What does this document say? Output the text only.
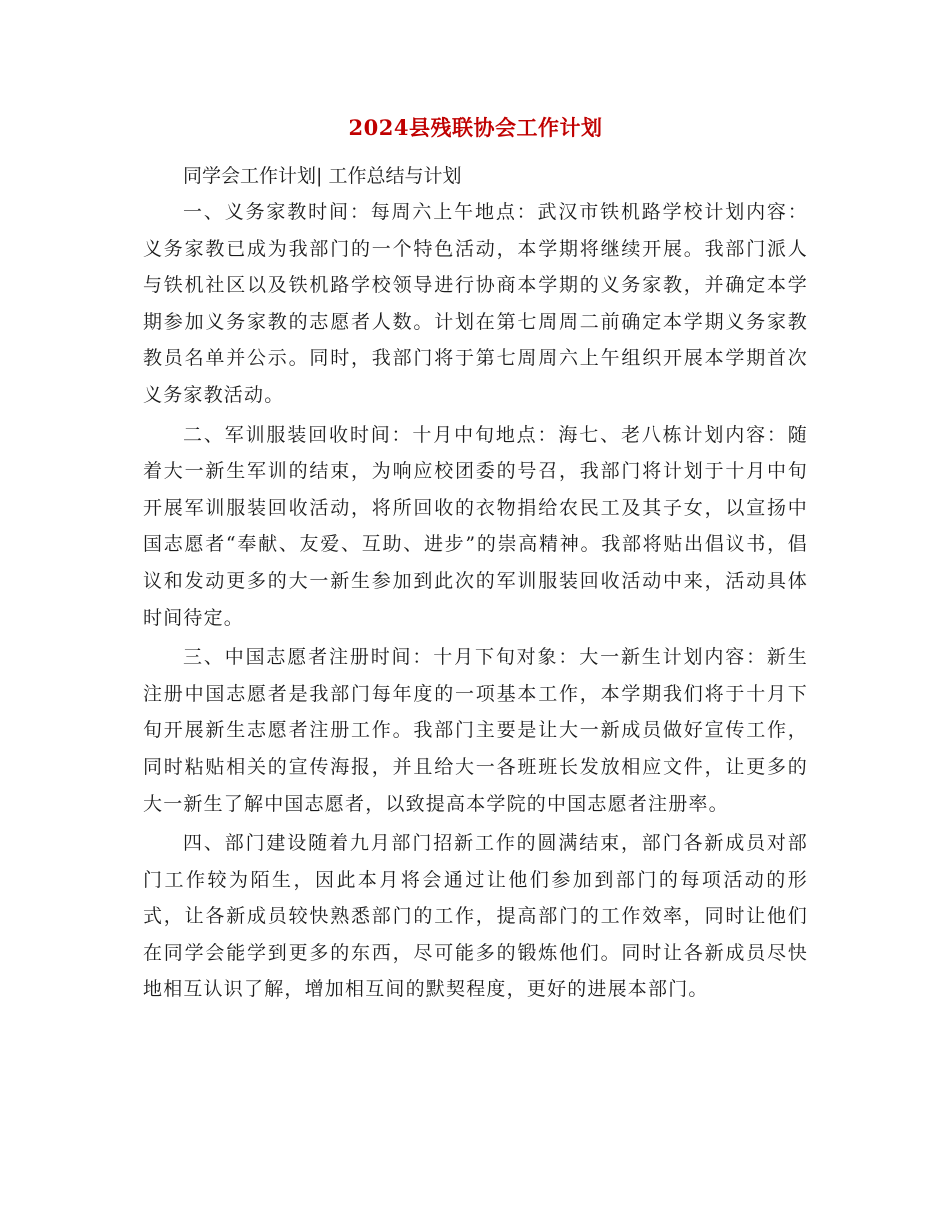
2024县残联协会工作计划

同学会工作计划| 工作总结与计划

一、义务家教时间：每周六上午地点：武汉市铁机路学校计划内容：义务家教已成为我部门的一个特色活动，本学期将继续开展。我部门派人与铁机社区以及铁机路学校领导进行协商本学期的义务家教，并确定本学期参加义务家教的志愿者人数。计划在第七周周二前确定本学期义务家教教员名单并公示。同时，我部门将于第七周周六上午组织开展本学期首次义务家教活动。

二、军训服装回收时间：十月中旬地点：海七、老八栋计划内容：随着大一新生军训的结束，为响应校团委的号召，我部门将计划于十月中旬开展军训服装回收活动，将所回收的衣物捐给农民工及其子女，以宣扬中国志愿者“奉献、友爱、互助、进步”的崇高精神。我部将贴出倡议书，倡议和发动更多的大一新生参加到此次的军训服装回收活动中来，活动具体时间待定。

三、中国志愿者注册时间：十月下旬对象：大一新生计划内容：新生注册中国志愿者是我部门每年度的一项基本工作，本学期我们将于十月下旬开展新生志愿者注册工作。我部门主要是让大一新成员做好宣传工作，同时粘贴相关的宣传海报，并且给大一各班班长发放相应文件，让更多的大一新生了解中国志愿者，以致提高本学院的中国志愿者注册率。

四、部门建设随着九月部门招新工作的圆满结束，部门各新成员对部门工作较为陌生，因此本月将会通过让他们参加到部门的每项活动的形式，让各新成员较快熟悉部门的工作，提高部门的工作效率，同时让他们在同学会能学到更多的东西，尽可能多的锻炼他们。同时让各新成员尽快地相互认识了解，增加相互间的默契程度，更好的进展本部门。
